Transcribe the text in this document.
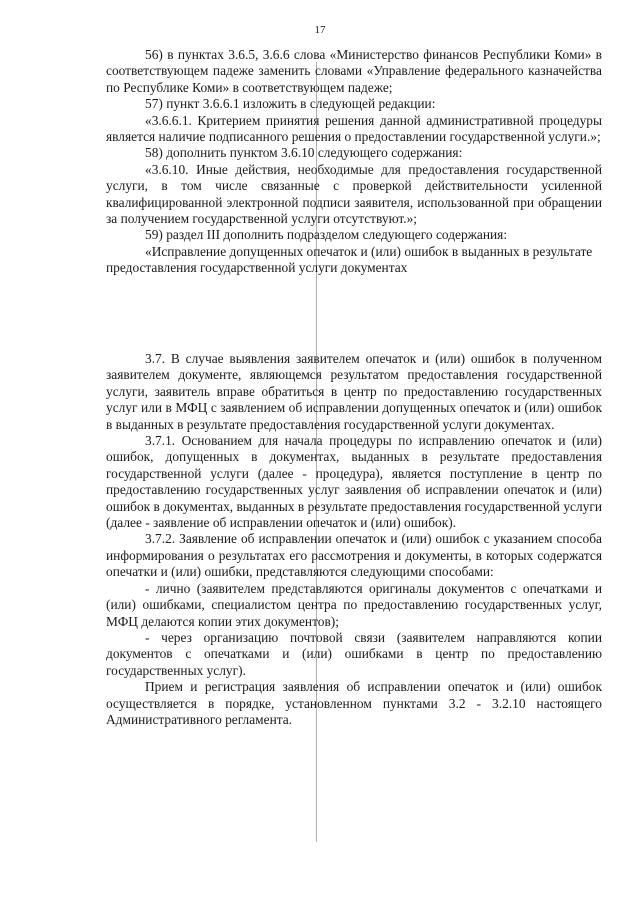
17

56) в пунктах 3.6.5, 3.6.6 слова «Министерство финансов Республики Коми» в соответствующем падеже заменить словами «Управление федерального казначейства по Республике Коми» в соответствующем падеже;

57) пункт 3.6.6.1 изложить в следующей редакции:

«3.6.6.1. Критерием принятия решения данной административной процедуры является наличие подписанного решения о предоставлении государственной услуги.»;

58) дополнить пунктом 3.6.10 следующего содержания:

«3.6.10. Иные действия, необходимые для предоставления государственной услуги, в том числе связанные с проверкой действительности усиленной квалифицированной электронной подписи заявителя, использованной при обращении за получением государственной услуги отсутствуют.»;

59) раздел III дополнить подразделом следующего содержания:

«Исправление допущенных опечаток и (или) ошибок в выданных в результате предоставления государственной услуги документах

3.7. В случае выявления заявителем опечаток и (или) ошибок в полученном заявителем документе, являющемся результатом предоставления государственной услуги, заявитель вправе обратиться в центр по предоставлению государственных услуг или в МФЦ с заявлением об исправлении допущенных опечаток и (или) ошибок в выданных в результате предоставления государственной услуги документах.

3.7.1. Основанием для начала процедуры по исправлению опечаток и (или) ошибок, допущенных в документах, выданных в результате предоставления государственной услуги (далее - процедура), является поступление в центр по предоставлению государственных услуг заявления об исправлении опечаток и (или) ошибок в документах, выданных в результате предоставления государственной услуги (далее - заявление об исправлении опечаток и (или) ошибок).

3.7.2. Заявление об исправлении опечаток и (или) ошибок с указанием способа информирования о результатах его рассмотрения и документы, в которых содержатся опечатки и (или) ошибки, представляются следующими способами:

- лично (заявителем представляются оригиналы документов с опечатками и (или) ошибками, специалистом центра по предоставлению государственных услуг, МФЦ делаются копии этих документов);

- через организацию почтовой связи (заявителем направляются копии документов с опечатками и (или) ошибками в центр по предоставлению государственных услуг).

Прием и регистрация заявления об исправлении опечаток и (или) ошибок осуществляется в порядке, установленном пунктами 3.2 - 3.2.10 настоящего Административного регламента.
